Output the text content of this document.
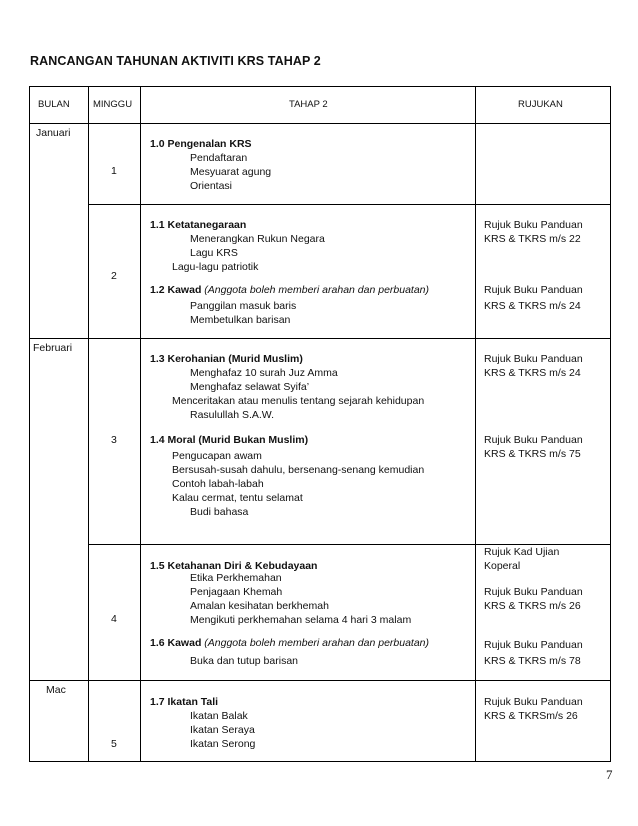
RANCANGAN TAHUNAN AKTIVITI KRS TAHAP 2
BULAN MINGGU	TAHAP 2	RUJUKAN
Januari
Februari
Mac
1
2
3
4
5
1.0 Pengenalan KRS
Pendaftaran
Mesyuarat agung
Orientasi
1.1 Ketatanegaraan
Menerangkan Rukun Negara
Lagu KRS
Lagu-lagu patriotik
1.2 Kawad (Anggota boleh memberi arahan dan perbuatan)
Panggilan masuk baris
Membetulkan barisan
Rujuk Buku Panduan
KRS & TKRS m/s 22
Rujuk Buku Panduan
KRS & TKRS m/s 24
1.3 Kerohanian (Murid Muslim)
Menghafaz 10 surah Juz Amma
Menghafaz selawat Syifa’
Menceritakan atau menulis tentang sejarah kehidupan
Rasulullah S.A.W.
1.4 Moral (Murid Bukan Muslim)
Pengucapan awam
Bersusah-susah dahulu, bersenang-senang kemudian
Contoh labah-labah
Kalau cermat, tentu selamat
Budi bahasa
Rujuk Buku Panduan
KRS & TKRS m/s 24
Rujuk Buku Panduan
KRS & TKRS m/s 75
1.5 Ketahanan Diri & Kebudayaan
Etika Perkhemahan
Penjagaan Khemah
Amalan kesihatan berkhemah
Mengikuti perkhemahan selama 4 hari 3 malam
1.6 Kawad (Anggota boleh memberi arahan dan perbuatan)
Buka dan tutup barisan
Rujuk Kad Ujian
Koperal
Rujuk Buku Panduan
KRS & TKRS m/s 26
Rujuk Buku Panduan
KRS & TKRS m/s 78
1.7 Ikatan Tali
Ikatan Balak
Ikatan Seraya
Ikatan Serong
Rujuk Buku Panduan
KRS & TKRSm/s 26
7
